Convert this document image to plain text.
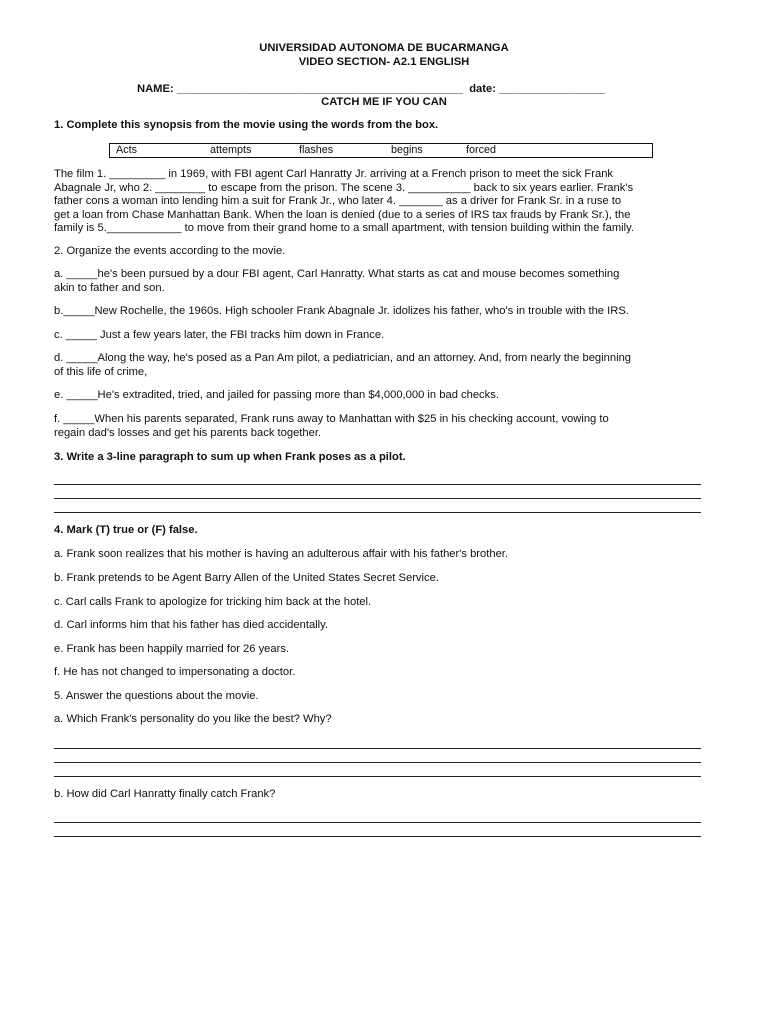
UNIVERSIDAD AUTONOMA DE BUCARMANGA
VIDEO SECTION- A2.1 ENGLISH
NAME: ______________________________________________  date: _________________
CATCH ME IF YOU CAN
1. Complete this synopsis from the movie using the words from the box.
Acts	attempts	flashes	begins	forced
The film 1. _________ in 1969, with FBI agent Carl Hanratty Jr. arriving at a French prison to meet the sick Frank
Abagnale Jr, who 2. ________ to escape from the prison. The scene 3. __________ back to six years earlier. Frank's
father cons a woman into lending him a suit for Frank Jr., who later 4. _______ as a driver for Frank Sr. in a ruse to
get a loan from Chase Manhattan Bank. When the loan is denied (due to a series of IRS tax frauds by Frank Sr.), the
family is 5.____________ to move from their grand home to a small apartment, with tension building within the family.
2. Organize the events according to the movie.
a. _____he's been pursued by a dour FBI agent, Carl Hanratty. What starts as cat and mouse becomes something
akin to father and son.
b._____New Rochelle, the 1960s. High schooler Frank Abagnale Jr. idolizes his father, who's in trouble with the IRS.
c. _____ Just a few years later, the FBI tracks him down in France.
d. _____Along the way, he's posed as a Pan Am pilot, a pediatrician, and an attorney. And, from nearly the beginning
of this life of crime,
e. _____He's extradited, tried, and jailed for passing more than $4,000,000 in bad checks.
f. _____When his parents separated, Frank runs away to Manhattan with $25 in his checking account, vowing to
regain dad's losses and get his parents back together.
3. Write a 3-line paragraph to sum up when Frank poses as a pilot.
4. Mark (T) true or (F) false.
a. Frank soon realizes that his mother is having an adulterous affair with his father's brother.
b. Frank pretends to be Agent Barry Allen of the United States Secret Service.
c. Carl calls Frank to apologize for tricking him back at the hotel.
d. Carl informs him that his father has died accidentally.
e. Frank has been happily married for 26 years.
f. He has not changed to impersonating a doctor.
5. Answer the questions about the movie.
a. Which Frank's personality do you like the best? Why?
b. How did Carl Hanratty finally catch Frank?
